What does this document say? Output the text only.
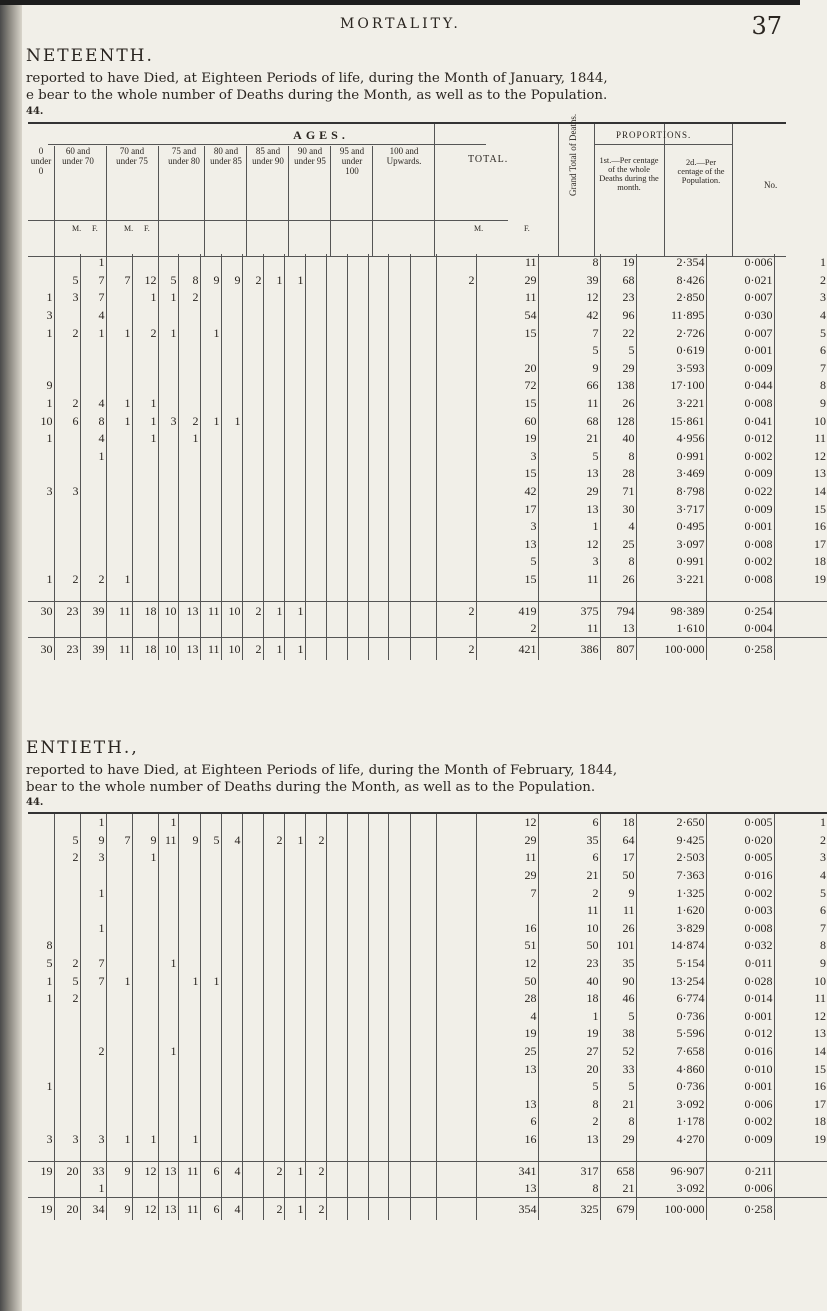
MORTALITY.	37
NETEENTH.
reported to have Died, at Eighteen Periods of life, during the Month of January, 1844,
e bear to the whole number of Deaths during the Month, as well as to the Population.
44.
AGES.
0 under 0
60 and under 70
70 and under 75
75 and under 80
80 and under 85
85 and under 90
90 and under 95
95 and under 100
100 and Upwards.	TOTAL.	Grand Total of Deaths.	PROPORTIONS.
1st.—Per centage of the whole Deaths during the month.
2d.—Per centage of the Population.	No.
M. F.	M. F.	M.	F.
		1																	11	8	19	2·354	0·006	1
	5	7	7	12	5	8	9	9	2	1	1							2	29	39	68	8·426	0·021	2
1	3	7		1	1	2													11	12	23	2·850	0·007	3
3		4																	54	42	96	11·895	0·030	4
1	2	1	1	2	1		1												15	7	22	2·726	0·007	5
																				5	5	0·619	0·001	6
																			20	9	29	3·593	0·009	7
9																			72	66	138	17·100	0·044	8
1	2	4	1	1															15	11	26	3·221	0·008	9
10	6	8	1	1	3	2	1	1											60	68	128	15·861	0·041	10
1		4		1		1													19	21	40	4·956	0·012	11
		1																	3	5	8	0·991	0·002	12
																			15	13	28	3·469	0·009	13
3	3																		42	29	71	8·798	0·022	14
																			17	13	30	3·717	0·009	15
																			3	1	4	0·495	0·001	16
																			13	12	25	3·097	0·008	17
																			5	3	8	0·991	0·002	18
1	2	2	1																15	11	26	3·221	0·008	19

30	23	39	11	18	10	13	11	10	2	1	1							2	419	375	794	98·389	0·254	
																			2	11	13	1·610	0·004	
30	23	39	11	18	10	13	11	10	2	1	1							2	421	386	807	100·000	0·258	
ENTIETH.,
reported to have Died, at Eighteen Periods of life, during the Month of February, 1844,
bear to the whole number of Deaths during the Month, as well as to the Population.
44.
		1			1														12	6	18	2·650	0·005	1
	5	9	7	9	11	9	5	4		2	1	2							29	35	64	9·425	0·020	2
	2	3		1															11	6	17	2·503	0·005	3
																			29	21	50	7·363	0·016	4
		1																	7	2	9	1·325	0·002	5
																				11	11	1·620	0·003	6
		1																	16	10	26	3·829	0·008	7
8																			51	50	101	14·874	0·032	8
5	2	7			1														12	23	35	5·154	0·011	9
1	5	7	1			1	1												50	40	90	13·254	0·028	10
1	2																		28	18	46	6·774	0·014	11
																			4	1	5	0·736	0·001	12
																			19	19	38	5·596	0·012	13
		2			1														25	27	52	7·658	0·016	14
																			13	20	33	4·860	0·010	15
1																				5	5	0·736	0·001	16
																			13	8	21	3·092	0·006	17
																			6	2	8	1·178	0·002	18
3	3	3	1	1		1													16	13	29	4·270	0·009	19

19	20	33	9	12	13	11	6	4		2	1	2							341	317	658	96·907	0·211	
		1																	13	8	21	3·092	0·006	
19	20	34	9	12	13	11	6	4		2	1	2							354	325	679	100·000	0·258	
